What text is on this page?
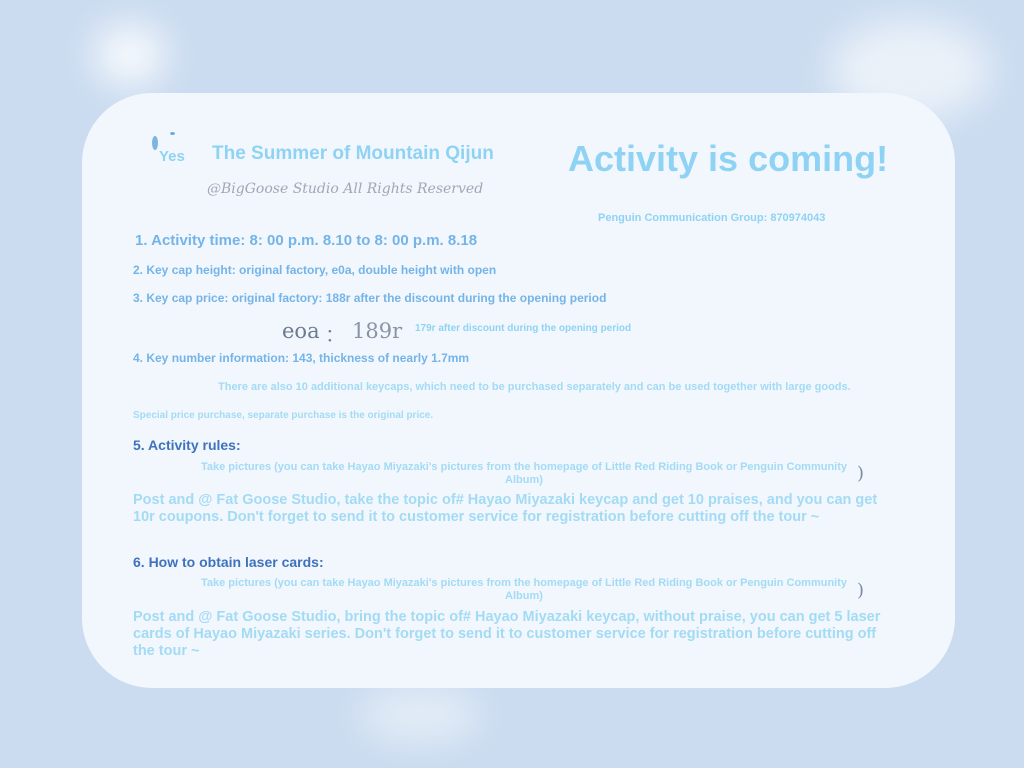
Yes The Summer of Mountain Qijun
@BigGoose Studio All Rights Reserved
Activity is coming!
Penguin Communication Group: 870974043
1. Activity time: 8: 00 p.m. 8.10 to 8: 00 p.m. 8.18
2. Key cap height: original factory, e0a, double height with open
3. Key cap price: original factory: 188r after the discount during the opening period
eoa ： 189r 179r after discount during the opening period
4. Key number information: 143, thickness of nearly 1.7mm
There are also 10 additional keycaps, which need to be purchased separately and can be used together with large goods.
Special price purchase, separate purchase is the original price.
5. Activity rules:
Take pictures (you can take Hayao Miyazaki's pictures from the homepage of Little Red Riding Book or Penguin Community Album)	)
Post and @ Fat Goose Studio, take the topic of# Hayao Miyazaki keycap and get 10 praises, and you can get 10r coupons. Don't forget to send it to customer service for registration before cutting off the tour ~
6. How to obtain laser cards:
Take pictures (you can take Hayao Miyazaki's pictures from the homepage of Little Red Riding Book or Penguin Community Album)	)
Post and @ Fat Goose Studio, bring the topic of# Hayao Miyazaki keycap, without praise, you can get 5 laser cards of Hayao Miyazaki series. Don't forget to send it to customer service for registration before cutting off the tour ~
